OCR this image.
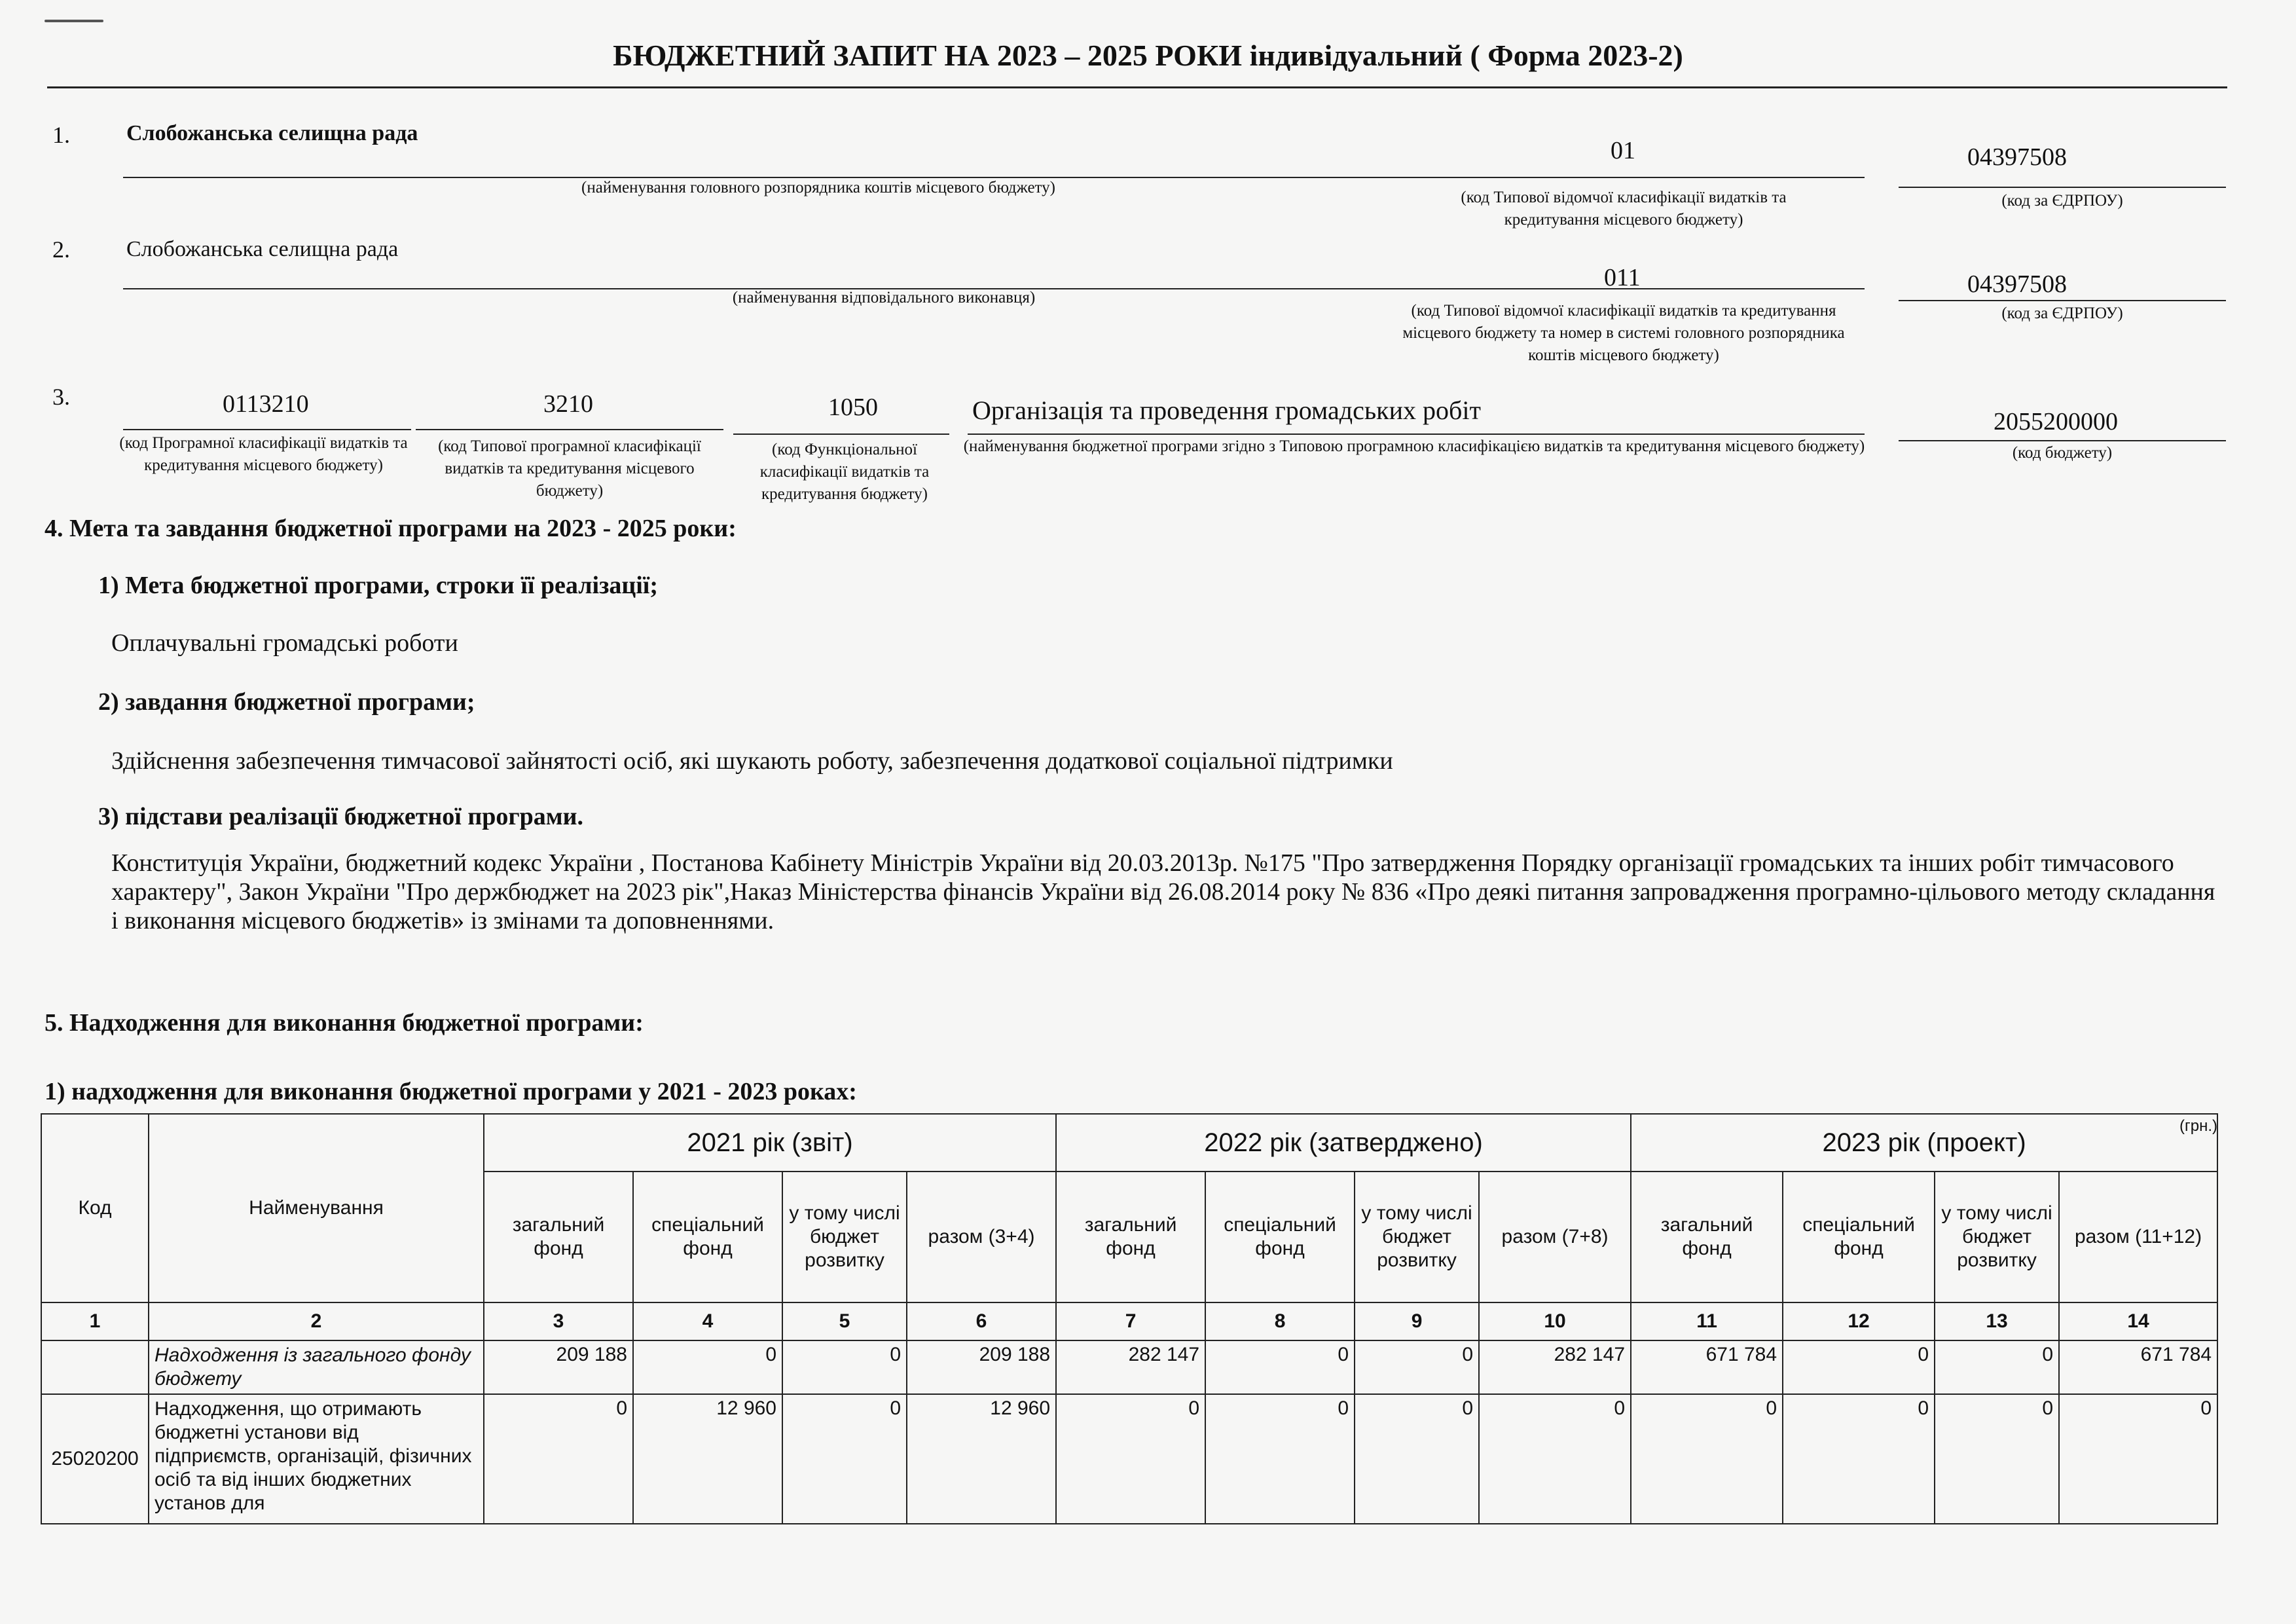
БЮДЖЕТНИЙ ЗАПИТ НА 2023 – 2025 РОКИ індивідуальний ( Форма 2023-2)
1.	Слобожанська селищна рада
01	04397508
(найменування головного розпорядника коштів місцевого бюджету)
(код Типової відомчої класифікації видатків та кредитування місцевого бюджету)
(код за ЄДРПОУ)
2.	Слобожанська селищна рада
011	04397508
(найменування відповідального виконавця)
(код Типової відомчої класифікації видатків та кредитування місцевого бюджету та номер в системі головного розпорядника коштів місцевого бюджету)
(код за ЄДРПОУ)
3.	0113210	3210	1050	Організація та проведення громадських робіт	2055200000
(код Програмної класифікації видатків та кредитування місцевого бюджету)
(код Типової програмної класифікації видатків та кредитування місцевого бюджету)
(код Функціональної класифікації видатків та кредитування бюджету)
(найменування бюджетної програми згідно з Типовою програмною класифікацією видатків та кредитування місцевого бюджету)	(код бюджету)
4. Мета та завдання бюджетної програми на 2023 - 2025 роки:
1) Мета бюджетної програми, строки її реалізації;
Оплачувальні громадські роботи
2) завдання бюджетної програми;
Здійснення забезпечення тимчасової зайнятості осіб, які шукають роботу, забезпечення додаткової соціальної підтримки
3) підстави реалізації бюджетної програми.
Конституція України, бюджетний кодекс України , Постанова Кабінету Міністрів України від 20.03.2013р. №175 "Про затвердження Порядку організації громадських та інших робіт тимчасового характеру", Закон України "Про держбюджет на 2023 рік",Наказ Міністерства фінансів України від 26.08.2014 року № 836 «Про деякі питання запровадження програмно-цільового методу складання і виконання місцевого бюджетів» із змінами та доповненнями.
5. Надходження для виконання бюджетної програми:
1) надходження для виконання бюджетної програми у 2021 - 2023 роках:
(грн.)
Код	Найменування	2021 рік (звіт)				2022 рік (затверджено)				2023 рік (проект)			
		загальний фонд	спеціальний фонд	у тому числі бюджет розвитку	разом (3+4)	загальний фонд	спеціальний фонд	у тому числі бюджет розвитку	разом (7+8)	загальний фонд	спеціальний фонд	у тому числі бюджет розвитку	разом (11+12)
1	2	3	4	5	6	7	8	9	10	11	12	13	14
	Надходження із загального фонду бюджету	209 188	0	0	209 188	282 147	0	0	282 147	671 784	0	0	671 784
25020200	Надходження, що отримають бюджетні установи від підприємств, організацій, фізичних осіб та від інших бюджетних установ для	0	12 960	0	12 960	0	0	0	0	0	0	0	0
